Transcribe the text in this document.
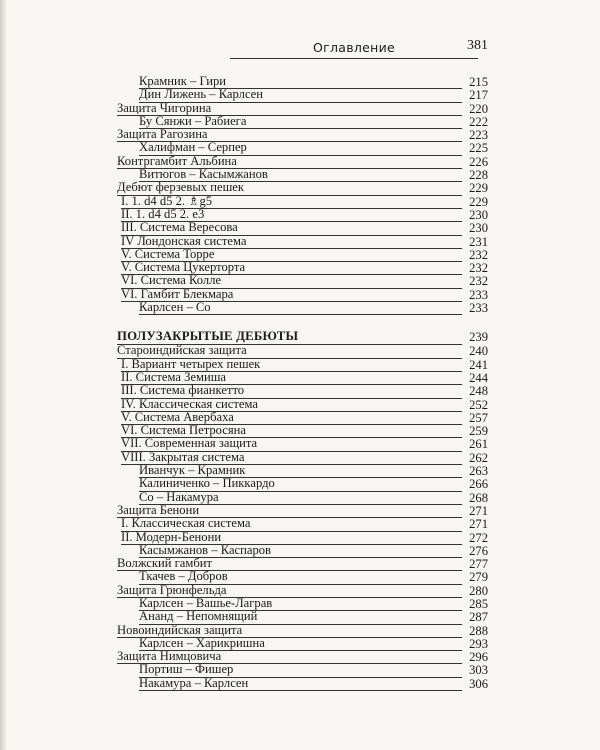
Оглавление	381
Крамник – Гири	215
Дин Лижень – Карлсен	217
Защита Чигорина	220
Бу Сянжи – Рабиега	222
Защита Рагозина	223
Халифман – Серпер	225
Контргамбит Альбина	226
Витюгов – Касымжанов	228
Дебют ферзевых пешек	229
I. 1. d4 d5 2. ♗g5	229
II. 1. d4 d5 2. e3	230
III. Система Вересова	230
IV Лондонская система	231
V. Система Торре	232
V. Система Цукерторта	232
VI. Система Колле	232
VI. Гамбит Блекмара	233
Карлсен – Со	233
ПОЛУЗАКРЫТЫЕ ДЕБЮТЫ	239
Староиндийская защита	240
I. Вариант четырех пешек	241
II. Система Земиша	244
III. Система фианкетто	248
IV. Классическая система	252
V. Система Авербаха	257
VI. Система Петросяна	259
VII. Современная защита	261
VIII. Закрытая система	262
Иванчук – Крамник	263
Калиниченко – Пиккардо	266
Со – Накамура	268
Защита Бенони	271
I. Классическая система	271
II. Модерн-Бенони	272
Касымжанов – Каспаров	276
Волжский гамбит	277
Ткачев – Добров	279
Защита Грюнфельда	280
Карлсен – Вашье-Лаграв	285
Ананд – Непомнящий	287
Новоиндийская защита	288
Карлсен – Харикришна	293
Защита Нимцовича	296
Портиш – Фишер	303
Накамура – Карлсен	306
